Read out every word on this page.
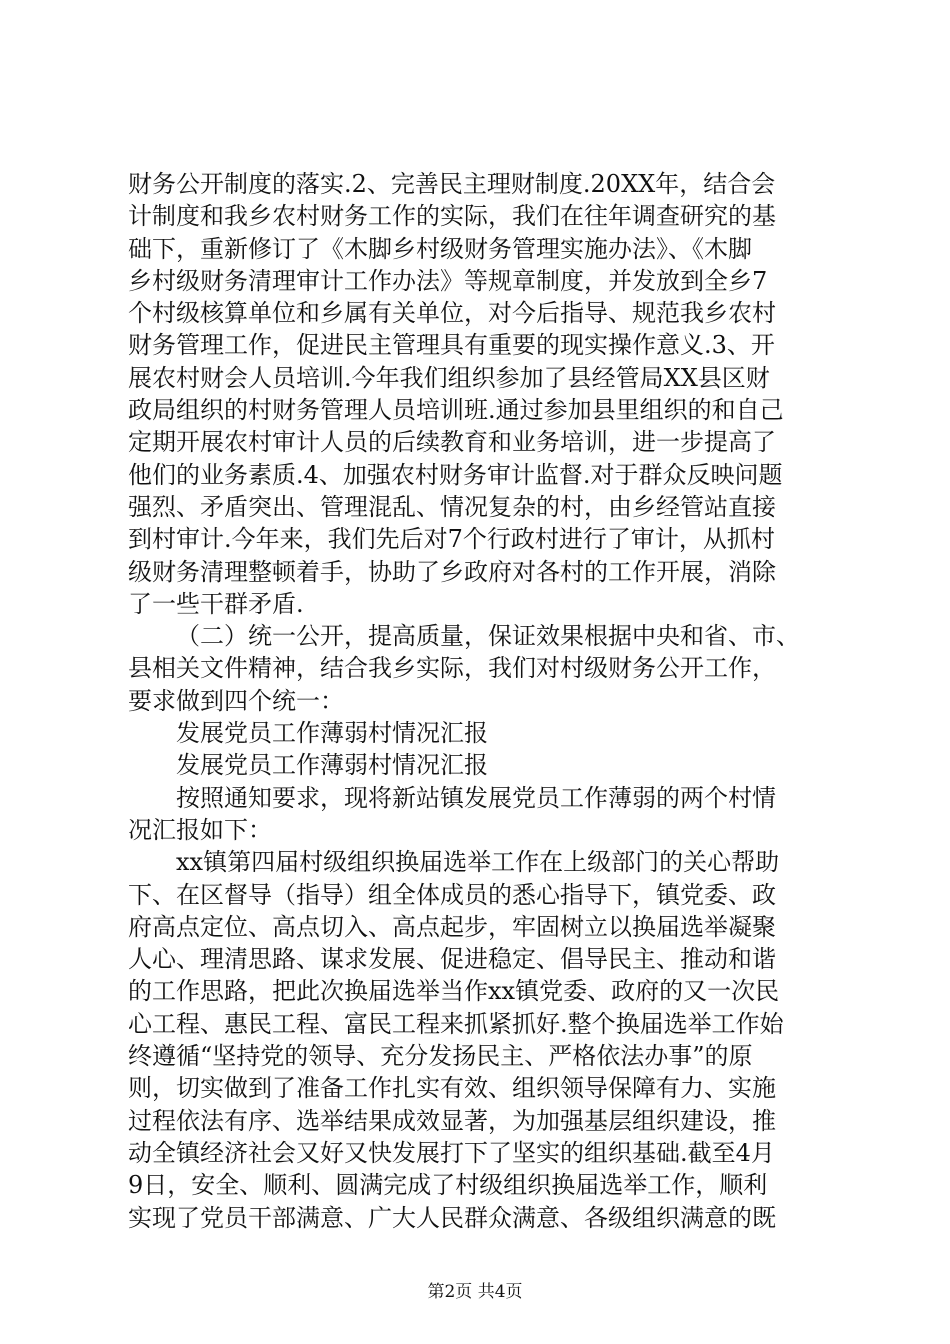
财务公开制度的落实.2、完善民主理财制度.20XX年，结合会
计制度和我乡农村财务工作的实际，我们在往年调查研究的基
础下，重新修订了《木脚乡村级财务管理实施办法》、《木脚
乡村级财务清理审计工作办法》等规章制度，并发放到全乡7
个村级核算单位和乡属有关单位，对今后指导、规范我乡农村
财务管理工作，促进民主管理具有重要的现实操作意义.3、开
展农村财会人员培训.今年我们组织参加了县经管局XX县区财
政局组织的村财务管理人员培训班.通过参加县里组织的和自己
定期开展农村审计人员的后续教育和业务培训，进一步提高了
他们的业务素质.4、加强农村财务审计监督.对于群众反映问题
强烈、矛盾突出、管理混乱、情况复杂的村，由乡经管站直接
到村审计.今年来，我们先后对7个行政村进行了审计，从抓村
级财务清理整顿着手，协助了乡政府对各村的工作开展，消除
了一些干群矛盾.
（二）统一公开，提高质量，保证效果根据中央和省、市、
县相关文件精神，结合我乡实际，我们对村级财务公开工作，
要求做到四个统一：
发展党员工作薄弱村情况汇报
发展党员工作薄弱村情况汇报
按照通知要求，现将新站镇发展党员工作薄弱的两个村情
况汇报如下：
xx镇第四届村级组织换届选举工作在上级部门的关心帮助
下、在区督导（指导）组全体成员的悉心指导下，镇党委、政
府高点定位、高点切入、高点起步，牢固树立以换届选举凝聚
人心、理清思路、谋求发展、促进稳定、倡导民主、推动和谐
的工作思路，把此次换届选举当作xx镇党委、政府的又一次民
心工程、惠民工程、富民工程来抓紧抓好.整个换届选举工作始
终遵循“坚持党的领导、充分发扬民主、严格依法办事”的原
则，切实做到了准备工作扎实有效、组织领导保障有力、实施
过程依法有序、选举结果成效显著，为加强基层组织建设，推
动全镇经济社会又好又快发展打下了坚实的组织基础.截至4月
9日，安全、顺利、圆满完成了村级组织换届选举工作，顺利
实现了党员干部满意、广大人民群众满意、各级组织满意的既
第2页 共4页
